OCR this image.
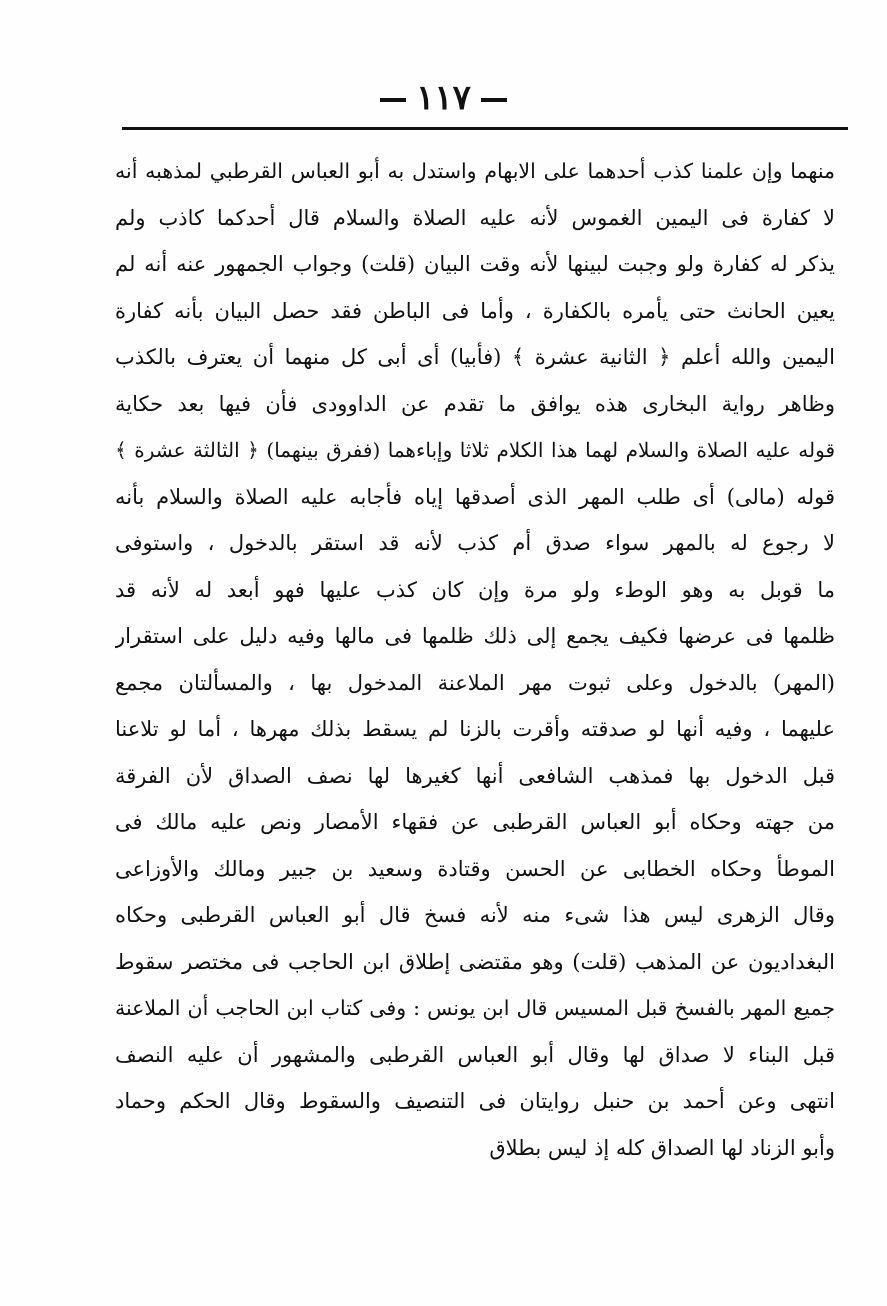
١١٧
منهما وإن علمنا كذب أحدهما على الابهام واستدل به أبو العباس القرطبي لمذهبه أنه
لا كفارة فى اليمين الغموس لأنه عليه الصلاة والسلام قال أحدكما كاذب ولم
يذكر له كفارة ولو وجبت لبينها لأنه وقت البيان (قلت) وجواب الجمهور عنه أنه لم
يعين الحانث حتى يأمره بالكفارة ، وأما فى الباطن فقد حصل البيان بأنه كفارة
اليمين والله أعلم ﴿ الثانية عشرة ﴾ (فأبيا) أى أبى كل منهما أن يعترف بالكذب
وظاهر رواية البخارى هذه يوافق ما تقدم عن الداوودى فأن فيها بعد حكاية
قوله عليه الصلاة والسلام لهما هذا الكلام ثلاثا وإباءهما (ففرق بينهما) ﴿ الثالثة عشرة ﴾
قوله (مالى) أى طلب المهر الذى أصدقها إياه فأجابه عليه الصلاة والسلام بأنه
لا رجوع له بالمهر سواء صدق أم كذب لأنه قد استقر بالدخول ، واستوفى
ما قوبل به وهو الوطء ولو مرة وإن كان كذب عليها فهو أبعد له لأنه قد
ظلمها فى عرضها فكيف يجمع إلى ذلك ظلمها فى مالها وفيه دليل على استقرار
(المهر) بالدخول وعلى ثبوت مهر الملاعنة المدخول بها ، والمسألتان مجمع
عليهما ، وفيه أنها لو صدقته وأقرت بالزنا لم يسقط بذلك مهرها ، أما لو تلاعنا
قبل الدخول بها فمذهب الشافعى أنها كغيرها لها نصف الصداق لأن الفرقة
من جهته وحكاه أبو العباس القرطبى عن فقهاء الأمصار ونص عليه مالك فى
الموطأ وحكاه الخطابى عن الحسن وقتادة وسعيد بن جبير ومالك والأوزاعى
وقال الزهرى ليس هذا شىء منه لأنه فسخ قال أبو العباس القرطبى وحكاه
البغداديون عن المذهب (قلت) وهو مقتضى إطلاق ابن الحاجب فى مختصر سقوط
جميع المهر بالفسخ قبل المسيس قال ابن يونس : وفى كتاب ابن الحاجب أن الملاعنة
قبل البناء لا صداق لها وقال أبو العباس القرطبى والمشهور أن عليه النصف
انتهى وعن أحمد بن حنبل روايتان فى التنصيف والسقوط وقال الحكم وحماد
وأبو الزناد لها الصداق كله إذ ليس بطلاق
